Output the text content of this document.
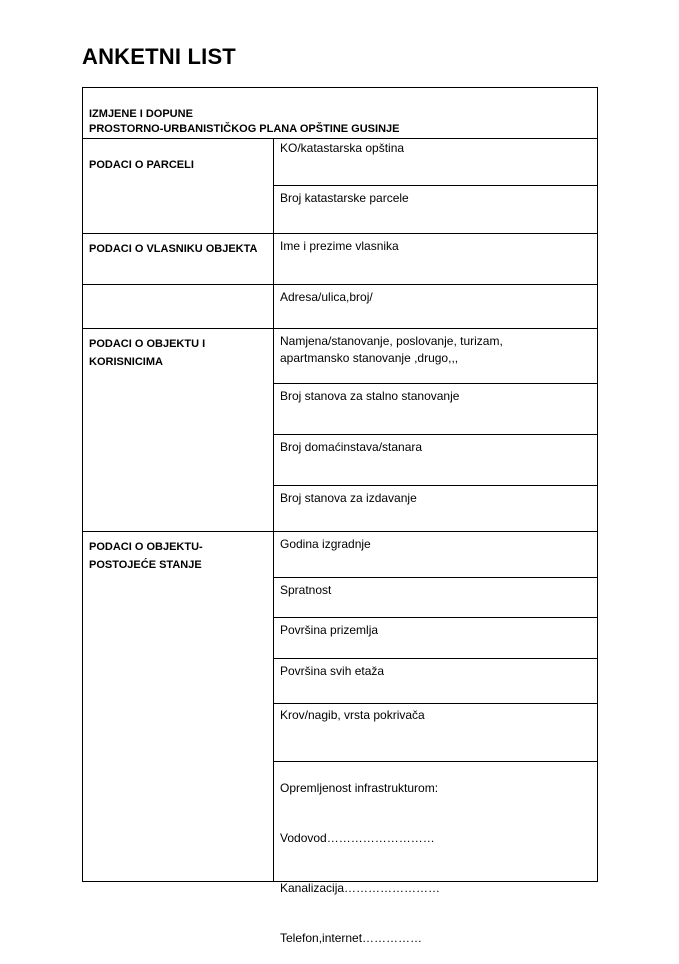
ANKETNI LIST
IZMJENE I DOPUNE
PROSTORNO-URBANISTIČKOG PLANA OPŠTINE GUSINJE
PODACI O PARCELI
KO/katastarska opština
Broj katastarske parcele
PODACI O VLASNIKU OBJEKTA	Ime i prezime vlasnika
Adresa/ulica,broj/
PODACI O OBJEKTU I
KORISNICIMA
Namjena/stanovanje, poslovanje, turizam,
apartmansko stanovanje ,drugo,,,
Broj stanova za stalno stanovanje
Broj domaćinstava/stanara
Broj stanova za izdavanje
PODACI O OBJEKTU-
POSTOJEĆE STANJE
Godina izgradnje
Spratnost
Površina prizemlja
Površina svih etaža
Krov/nagib, vrsta pokrivača

Opremljenost infrastrukturom:

Vodovod………………………

Kanalizacija……………………

Telefon,internet……………
